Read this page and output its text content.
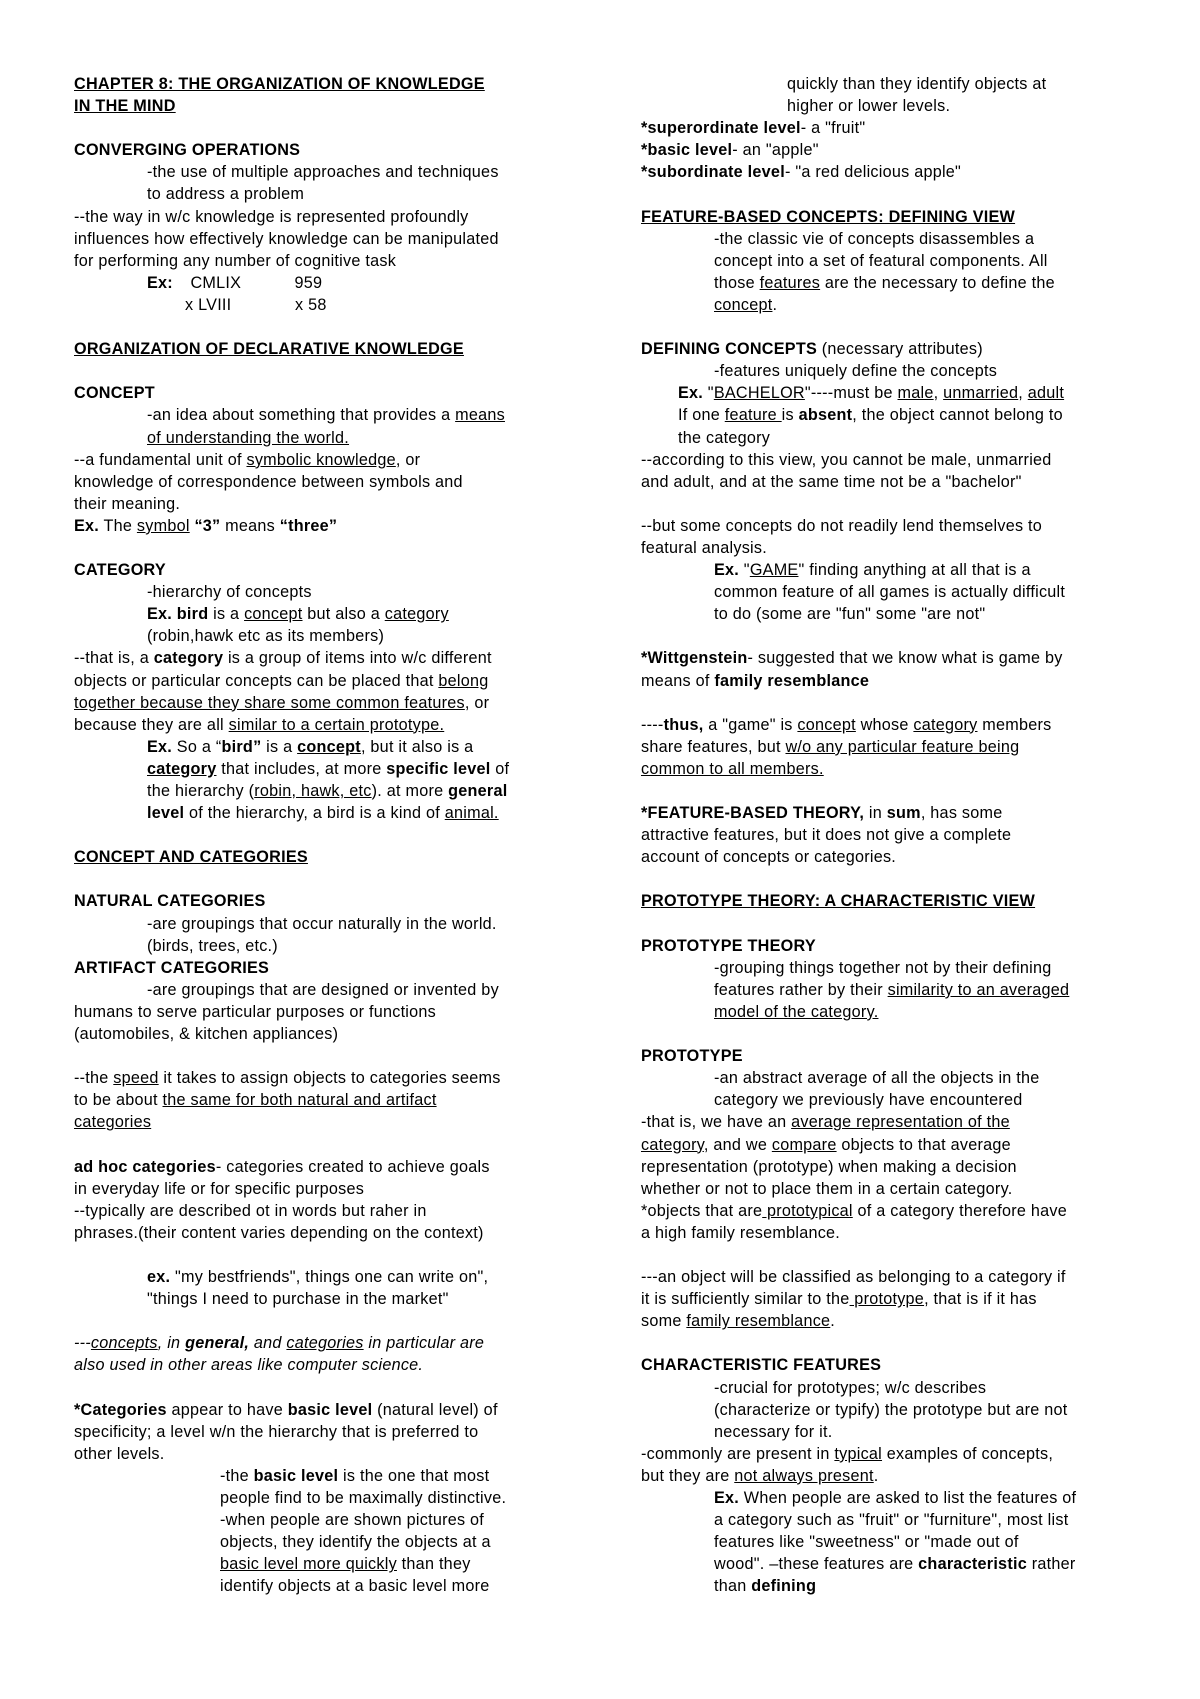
CHAPTER 8: THE ORGANIZATION OF KNOWLEDGE
IN THE MIND
CONVERGING OPERATIONS
-the use of multiple approaches and techniques
to address a problem
--the way in w/c knowledge is represented profoundly
influences how effectively knowledge can be manipulated
for performing any number of cognitive task
Ex: CMLIX	959
x LVIII	x 58
ORGANIZATION OF DECLARATIVE KNOWLEDGE
CONCEPT
-an idea about something that provides a means
of understanding the world.
--a fundamental unit of symbolic knowledge, or
knowledge of correspondence between symbols and
their meaning.
Ex. The symbol “3” means “three”
CATEGORY
-hierarchy of concepts
Ex. bird is a concept but also a category
(robin,hawk etc as its members)
--that is, a category is a group of items into w/c different
objects or particular concepts can be placed that belong
together because they share some common features, or
because they are all similar to a certain prototype.
Ex. So a “bird” is a concept, but it also is a
category that includes, at more specific level of
the hierarchy (robin, hawk, etc). at more general
level of the hierarchy, a bird is a kind of animal.
CONCEPT AND CATEGORIES
NATURAL CATEGORIES
-are groupings that occur naturally in the world.
(birds, trees, etc.)
ARTIFACT CATEGORIES
-are groupings that are designed or invented by
humans to serve particular purposes or functions
(automobiles, & kitchen appliances)
--the speed it takes to assign objects to categories seems
to be about the same for both natural and artifact
categories
ad hoc categories- categories created to achieve goals
in everyday life or for specific purposes
--typically are described ot in words but raher in
phrases.(their content varies depending on the context)
ex. "my bestfriends", things one can write on",
"things I need to purchase in the market"
---concepts, in general, and categories in particular are
also used in other areas like computer science.
*Categories appear to have basic level (natural level) of
specificity; a level w/n the hierarchy that is preferred to
other levels.
-the basic level is the one that most
people find to be maximally distinctive.
-when people are shown pictures of
objects, they identify the objects at a
basic level more quickly than they
identify objects at a basic level more
quickly than they identify objects at
higher or lower levels.
*superordinate level- a "fruit"
*basic level- an "apple"
*subordinate level- "a red delicious apple"
FEATURE-BASED CONCEPTS: DEFINING VIEW
-the classic vie of concepts disassembles a
concept into a set of featural components. All
those features are the necessary to define the
concept.
DEFINING CONCEPTS (necessary attributes)
-features uniquely define the concepts
Ex. "BACHELOR"----must be male, unmarried, adult
If one feature is absent, the object cannot belong to
the category
--according to this view, you cannot be male, unmarried
and adult, and at the same time not be a "bachelor"
--but some concepts do not readily lend themselves to
featural analysis.
Ex. "GAME" finding anything at all that is a
common feature of all games is actually difficult
to do (some are "fun" some "are not"
*Wittgenstein- suggested that we know what is game by
means of family resemblance
----thus, a "game" is concept whose category members
share features, but w/o any particular feature being
common to all members.
*FEATURE-BASED THEORY, in sum, has some
attractive features, but it does not give a complete
account of concepts or categories.
PROTOTYPE THEORY: A CHARACTERISTIC VIEW
PROTOTYPE THEORY
-grouping things together not by their defining
features rather by their similarity to an averaged
model of the category.
PROTOTYPE
-an abstract average of all the objects in the
category we previously have encountered
-that is, we have an average representation of the
category, and we compare objects to that average
representation (prototype) when making a decision
whether or not to place them in a certain category.
*objects that are prototypical of a category therefore have
a high family resemblance.
---an object will be classified as belonging to a category if
it is sufficiently similar to the prototype, that is if it has
some family resemblance.
CHARACTERISTIC FEATURES
-crucial for prototypes; w/c describes
(characterize or typify) the prototype but are not
necessary for it.
-commonly are present in typical examples of concepts,
but they are not always present.
Ex. When people are asked to list the features of
a category such as "fruit" or "furniture", most list
features like "sweetness" or "made out of
wood". –these features are characteristic rather
than defining
